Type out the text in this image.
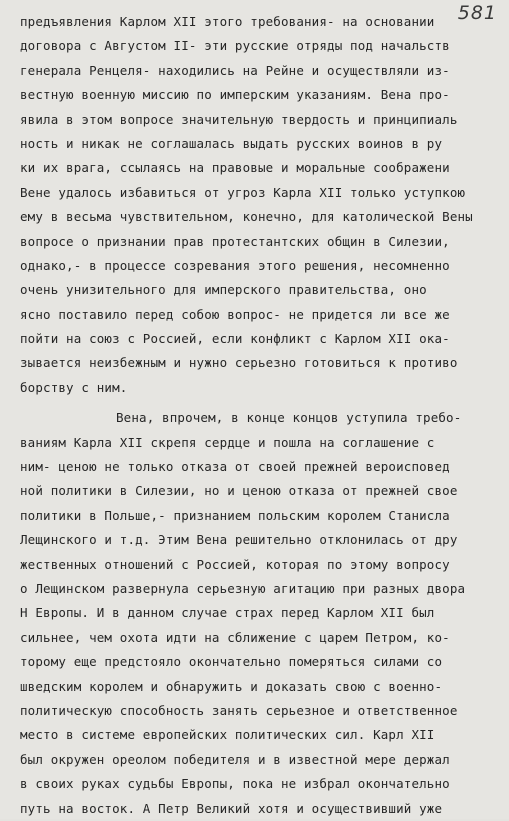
581
предъявления Карлом XII этого требования- на основании
договора с Августом II- эти русские отряды под начальств
генерала Ренцеля- находились на Рейне и осуществляли из-
вестную военную миссию по имперским указаниям. Вена про-
явила в этом вопросе значительную твердость и принципиаль
ность и никак не соглашалась выдать русских воинов в ру
ки их врага, ссылаясь на правовые и моральные соображени
Вене удалось избавиться от угроз Карла XII только уступкою
ему в весьма чувствительном, конечно, для католической Вены
вопросе о признании прав протестантских общин в Силезии,
однако,- в процессе созревания этого решения, несомненно
очень унизительного для имперского правительства, оно
ясно поставило перед собою вопрос- не придется ли все же
пойти на союз с Россией, если конфликт с Карлом XII ока-
зывается неизбежным и нужно серьезно готовиться к противо
борству с ним.
Вена, впрочем, в конце концов уступила требо-
ваниям Карла XII скрепя сердце и пошла на соглашение с
ним- ценою не только отказа от своей прежней вероисповед
ной политики в Силезии, но и ценою отказа от прежней свое
политики в Польше,- признанием польским королем Станисла
Лещинского и т.д. Этим Вена решительно отклонилась от дру
жественных отношений с Россией, которая по этому вопросу
о Лещинском развернула серьезную агитацию при разных двора
Н Европы. И в данном случае страх перед Карлом XII был
сильнее, чем охота идти на сближение с царем Петром, ко-
торому еще предстояло окончательно померяться силами со
шведским королем и обнаружить и доказать свою с военно-
политическую способность занять серьезное и ответственное
место в системе европейских политических сил. Карл XII
был окружен ореолом победителя и в известной мере держал
в своих руках судьбы Европы, пока не избрал окончательно
путь на восток. А Петр Великий хотя и осуществивший уже
